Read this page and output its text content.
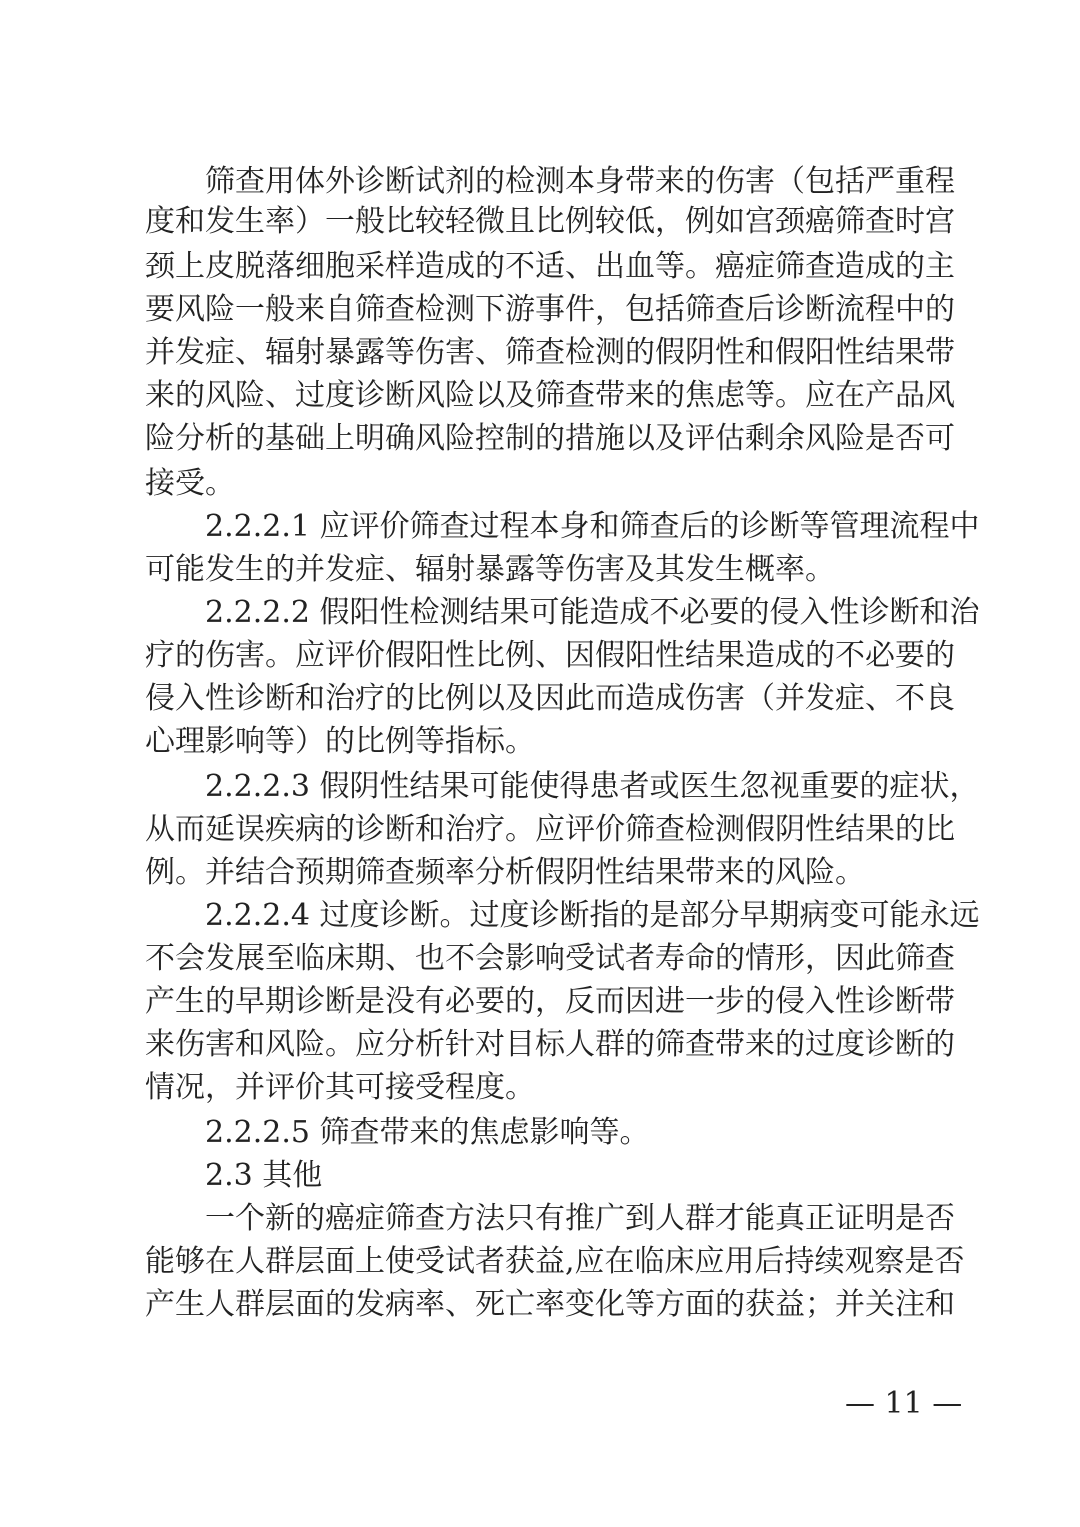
筛查用体外诊断试剂的检测本身带来的伤害（包括严重程
度和发生率）一般比较轻微且比例较低，例如宫颈癌筛查时宫
颈上皮脱落细胞采样造成的不适、出血等。癌症筛查造成的主
要风险一般来自筛查检测下游事件，包括筛查后诊断流程中的
并发症、辐射暴露等伤害、筛查检测的假阴性和假阳性结果带
来的风险、过度诊断风险以及筛查带来的焦虑等。应在产品风
险分析的基础上明确风险控制的措施以及评估剩余风险是否可
接受。
2.2.2.1 应评价筛查过程本身和筛查后的诊断等管理流程中
可能发生的并发症、辐射暴露等伤害及其发生概率。
2.2.2.2 假阳性检测结果可能造成不必要的侵入性诊断和治
疗的伤害。应评价假阳性比例、因假阳性结果造成的不必要的
侵入性诊断和治疗的比例以及因此而造成伤害（并发症、不良
心理影响等）的比例等指标。
2.2.2.3 假阴性结果可能使得患者或医生忽视重要的症状，
从而延误疾病的诊断和治疗。应评价筛查检测假阴性结果的比
例。并结合预期筛查频率分析假阴性结果带来的风险。
2.2.2.4 过度诊断。过度诊断指的是部分早期病变可能永远
不会发展至临床期、也不会影响受试者寿命的情形，因此筛查
产生的早期诊断是没有必要的，反而因进一步的侵入性诊断带
来伤害和风险。应分析针对目标人群的筛查带来的过度诊断的
情况，并评价其可接受程度。
2.2.2.5 筛查带来的焦虑影响等。
2.3 其他
一个新的癌症筛查方法只有推广到人群才能真正证明是否
能够在人群层面上使受试者获益,应在临床应用后持续观察是否
产生人群层面的发病率、死亡率变化等方面的获益；并关注和
— 11 —
